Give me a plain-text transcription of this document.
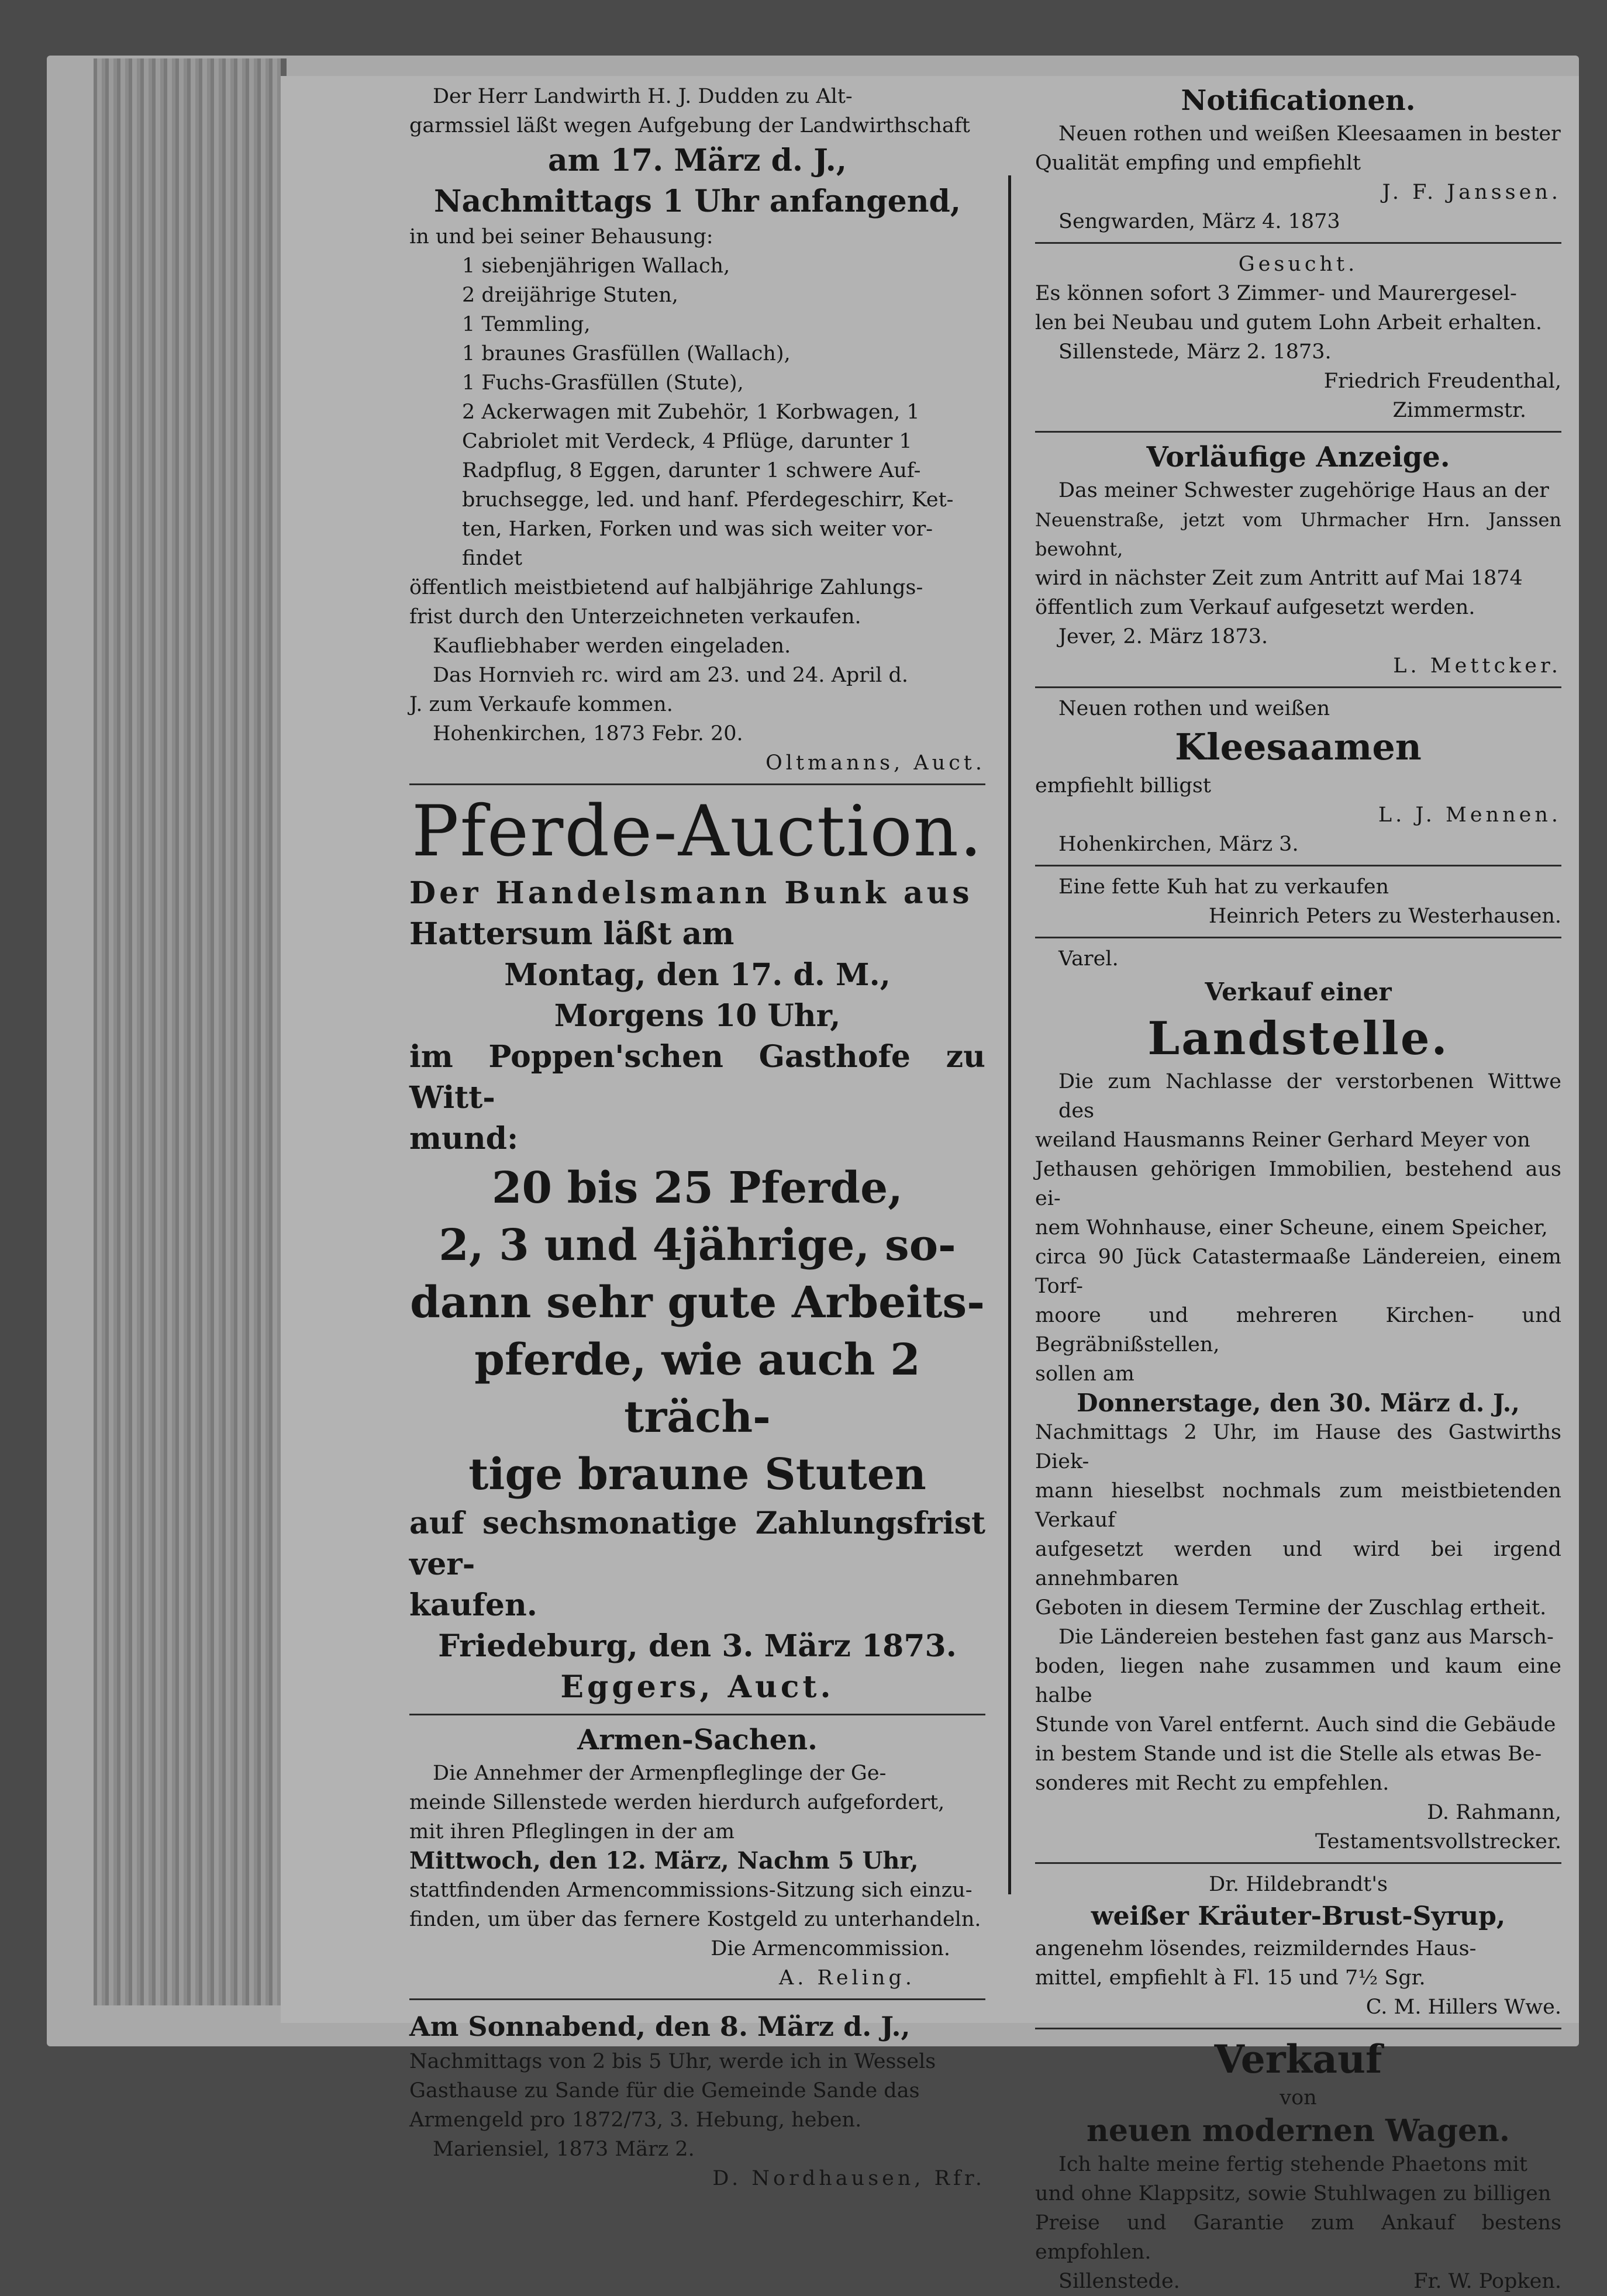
Der Herr Landwirth H. J. Dudden zu Alt-

garmssiel läßt wegen Aufgebung der Landwirthschaft

am 17. März d. J.,

Nachmittags 1 Uhr anfangend,

in und bei seiner Behausung:

1 siebenjährigen Wallach,

2 dreijährige Stuten,

1 Temmling,

1 braunes Grasfüllen (Wallach),

1 Fuchs-Grasfüllen (Stute),

2 Ackerwagen mit Zubehör, 1 Korbwagen, 1

Cabriolet mit Verdeck, 4 Pflüge, darunter 1

Radpflug, 8 Eggen, darunter 1 schwere Auf-

bruchsegge, led. und hanf. Pferdegeschirr, Ket-

ten, Harken, Forken und was sich weiter vor-

findet

öffentlich meistbietend auf halbjährige Zahlungs-

frist durch den Unterzeichneten verkaufen.

Kaufliebhaber werden eingeladen.

Das Hornvieh rc. wird am 23. und 24. April d.

J. zum Verkaufe kommen.

Hohenkirchen, 1873 Febr. 20.

Oltmanns, Auct.

Pferde-Auction.

Der Handelsmann Bunk aus

Hattersum läßt am

Montag, den 17. d. M.,

Morgens 10 Uhr,

im Poppen'schen Gasthofe zu Witt-

mund:

20 bis 25 Pferde,

2, 3 und 4jährige, so-

dann sehr gute Arbeits-

pferde, wie auch 2 träch-

tige braune Stuten

auf sechsmonatige Zahlungsfrist ver-

kaufen.

Friedeburg, den 3. März 1873.

Eggers, Auct.

Armen-Sachen.

Die Annehmer der Armenpfleglinge der Ge-

meinde Sillenstede werden hierdurch aufgefordert,

mit ihren Pfleglingen in der am

Mittwoch, den 12. März, Nachm 5 Uhr,

stattfindenden Armencommissions-Sitzung sich einzu-

finden, um über das fernere Kostgeld zu unterhandeln.

Die Armencommission.

A. Reling.

Am Sonnabend, den 8. März d. J.,

Nachmittags von 2 bis 5 Uhr, werde ich in Wessels

Gasthause zu Sande für die Gemeinde Sande das

Armengeld pro 1872/73, 3. Hebung, heben.

Mariensiel, 1873 März 2.

D. Nordhausen, Rfr.

Notificationen.

Neuen rothen und weißen Kleesaamen in bester

Qualität empfing und empfiehlt

J. F. Janssen.

Sengwarden, März 4. 1873

Gesucht.

Es können sofort 3 Zimmer- und Maurergesel-

len bei Neubau und gutem Lohn Arbeit erhalten.

Sillenstede, März 2. 1873.

Friedrich Freudenthal,

Zimmermstr.

Vorläufige Anzeige.

Das meiner Schwester zugehörige Haus an der

Neuenstraße, jetzt vom Uhrmacher Hrn. Janssen bewohnt,

wird in nächster Zeit zum Antritt auf Mai 1874

öffentlich zum Verkauf aufgesetzt werden.

Jever, 2. März 1873.

L. Mettcker.

Neuen rothen und weißen

Kleesaamen

empfiehlt billigst

L. J. Mennen.

Hohenkirchen, März 3.

Eine fette Kuh hat zu verkaufen

Heinrich Peters zu Westerhausen.

Varel.

Verkauf einer

Landstelle.

Die zum Nachlasse der verstorbenen Wittwe des

weiland Hausmanns Reiner Gerhard Meyer von

Jethausen gehörigen Immobilien, bestehend aus ei-

nem Wohnhause, einer Scheune, einem Speicher,

circa 90 Jück Catastermaaße Ländereien, einem Torf-

moore und mehreren Kirchen- und Begräbnißstellen,

sollen am

Donnerstage, den 30. März d. J.,

Nachmittags 2 Uhr, im Hause des Gastwirths Diek-

mann hieselbst nochmals zum meistbietenden Verkauf

aufgesetzt werden und wird bei irgend annehmbaren

Geboten in diesem Termine der Zuschlag ertheit.

Die Ländereien bestehen fast ganz aus Marsch-

boden, liegen nahe zusammen und kaum eine halbe

Stunde von Varel entfernt. Auch sind die Gebäude

in bestem Stande und ist die Stelle als etwas Be-

sonderes mit Recht zu empfehlen.

D. Rahmann,

Testamentsvollstrecker.

Dr. Hildebrandt's

weißer Kräuter-Brust-Syrup,

angenehm lösendes, reizmilderndes Haus-

mittel, empfiehlt à Fl. 15 und 7½ Sgr.

C. M. Hillers Wwe.

Verkauf

von

neuen modernen Wagen.

Ich halte meine fertig stehende Phaetons mit

und ohne Klappsitz, sowie Stuhlwagen zu billigen

Preise und Garantie zum Ankauf bestens empfohlen.

Sillenstede.	Fr. W. Popken.
